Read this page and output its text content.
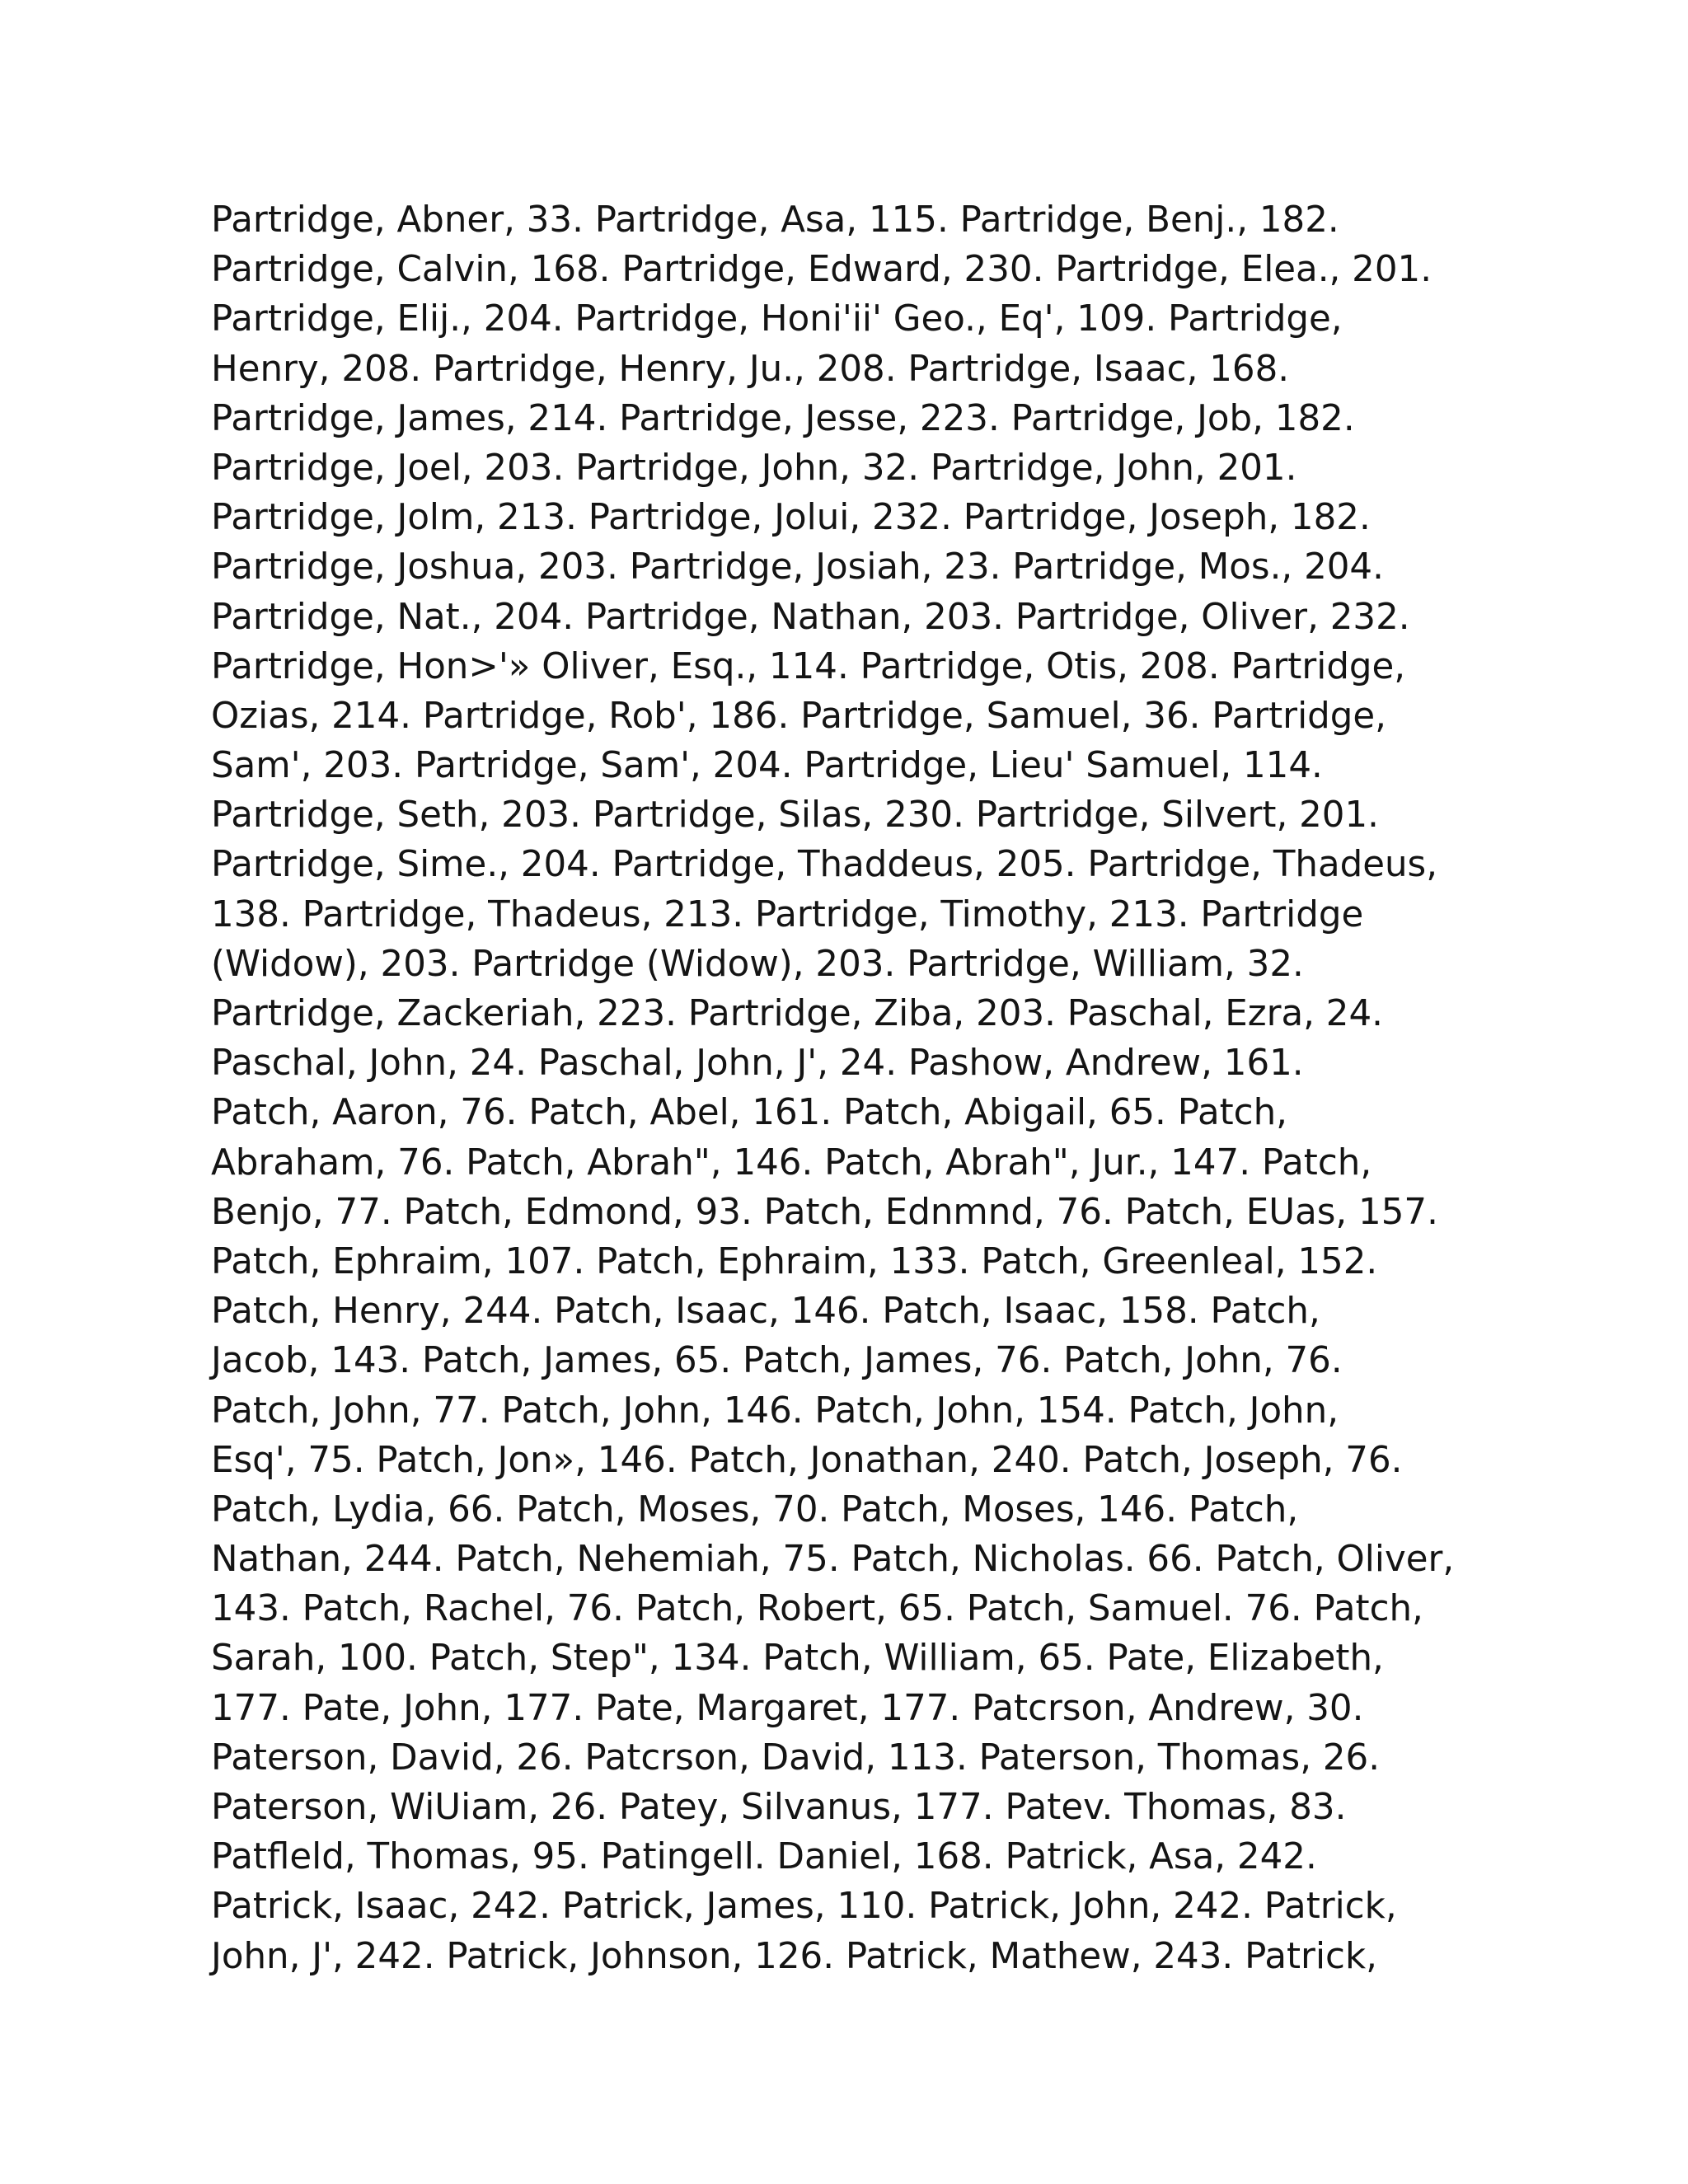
Partridge, Abner, 33. Partridge, Asa, 115. Partridge, Benj., 182.
Partridge, Calvin, 168. Partridge, Edward, 230. Partridge, Elea., 201.
Partridge, Elij., 204. Partridge, Honi'ii' Geo., Eq', 109. Partridge,
Henry, 208. Partridge, Henry, Ju., 208. Partridge, Isaac, 168.
Partridge, James, 214. Partridge, Jesse, 223. Partridge, Job, 182.
Partridge, Joel, 203. Partridge, John, 32. Partridge, John, 201.
Partridge, Jolm, 213. Partridge, Jolui, 232. Partridge, Joseph, 182.
Partridge, Joshua, 203. Partridge, Josiah, 23. Partridge, Mos., 204.
Partridge, Nat., 204. Partridge, Nathan, 203. Partridge, Oliver, 232.
Partridge, Hon>'» Oliver, Esq., 114. Partridge, Otis, 208. Partridge,
Ozias, 214. Partridge, Rob', 186. Partridge, Samuel, 36. Partridge,
Sam', 203. Partridge, Sam', 204. Partridge, Lieu' Samuel, 114.
Partridge, Seth, 203. Partridge, Silas, 230. Partridge, Silvert, 201.
Partridge, Sime., 204. Partridge, Thaddeus, 205. Partridge, Thadeus,
138. Partridge, Thadeus, 213. Partridge, Timothy, 213. Partridge
(Widow), 203. Partridge (Widow), 203. Partridge, William, 32.
Partridge, Zackeriah, 223. Partridge, Ziba, 203. Paschal, Ezra, 24.
Paschal, John, 24. Paschal, John, J', 24. Pashow, Andrew, 161.
Patch, Aaron, 76. Patch, Abel, 161. Patch, Abigail, 65. Patch,
Abraham, 76. Patch, Abrah", 146. Patch, Abrah", Jur., 147. Patch,
Benjo, 77. Patch, Edmond, 93. Patch, Ednmnd, 76. Patch, EUas, 157.
Patch, Ephraim, 107. Patch, Ephraim, 133. Patch, Greenleal, 152.
Patch, Henry, 244. Patch, Isaac, 146. Patch, Isaac, 158. Patch,
Jacob, 143. Patch, James, 65. Patch, James, 76. Patch, John, 76.
Patch, John, 77. Patch, John, 146. Patch, John, 154. Patch, John,
Esq', 75. Patch, Jon», 146. Patch, Jonathan, 240. Patch, Joseph, 76.
Patch, Lydia, 66. Patch, Moses, 70. Patch, Moses, 146. Patch,
Nathan, 244. Patch, Nehemiah, 75. Patch, Nicholas. 66. Patch, Oliver,
143. Patch, Rachel, 76. Patch, Robert, 65. Patch, Samuel. 76. Patch,
Sarah, 100. Patch, Step", 134. Patch, William, 65. Pate, Elizabeth,
177. Pate, John, 177. Pate, Margaret, 177. Patcrson, Andrew, 30.
Paterson, David, 26. Patcrson, David, 113. Paterson, Thomas, 26.
Paterson, WiUiam, 26. Patey, Silvanus, 177. Patev. Thomas, 83.
Patfleld, Thomas, 95. Patingell. Daniel, 168. Patrick, Asa, 242.
Patrick, Isaac, 242. Patrick, James, 110. Patrick, John, 242. Patrick,
John, J', 242. Patrick, Johnson, 126. Patrick, Mathew, 243. Patrick,
